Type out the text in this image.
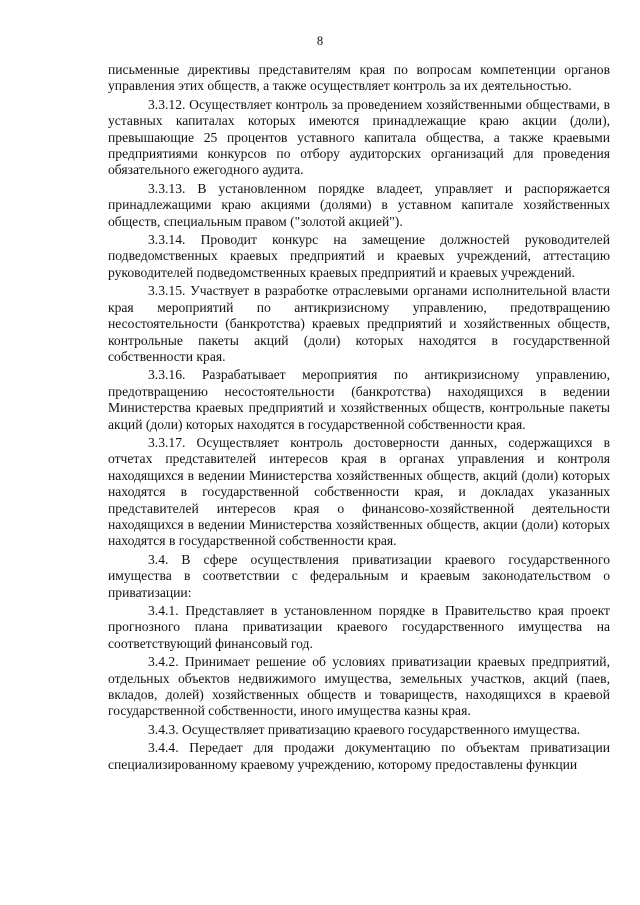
8

письменные директивы представителям края по вопросам компетенции органов управления этих обществ, а также осуществляет контроль за их деятельностью.

3.3.12. Осуществляет контроль за проведением хозяйственными обществами, в уставных капиталах которых имеются принадлежащие краю акции (доли), превышающие 25 процентов уставного капитала общества, а также краевыми предприятиями конкурсов по отбору аудиторских организаций для проведения обязательного ежегодного аудита.

3.3.13. В установленном порядке владеет, управляет и распоряжается принадлежащими краю акциями (долями) в уставном капитале хозяйственных обществ, специальным правом ("золотой акцией").

3.3.14. Проводит конкурс на замещение должностей руководителей подведомственных краевых предприятий и краевых учреждений, аттестацию руководителей подведомственных краевых предприятий и краевых учреждений.

3.3.15. Участвует в разработке отраслевыми органами исполнительной власти края мероприятий по антикризисному управлению, предотвращению несостоятельности (банкротства) краевых предприятий и хозяйственных обществ, контрольные пакеты акций (доли) которых находятся в государственной собственности края.

3.3.16. Разрабатывает мероприятия по антикризисному управлению, предотвращению несостоятельности (банкротства) находящихся в ведении Министерства краевых предприятий и хозяйственных обществ, контрольные пакеты акций (доли) которых находятся в государственной собственности края.

3.3.17. Осуществляет контроль достоверности данных, содержащихся в отчетах представителей интересов края в органах управления и контроля находящихся в ведении Министерства хозяйственных обществ, акций (доли) которых находятся в государственной собственности края, и докладах указанных представителей интересов края о финансово-хозяйственной деятельности находящихся в ведении Министерства хозяйственных обществ, акции (доли) которых находятся в государственной собственности края.

3.4. В сфере осуществления приватизации краевого государственного имущества в соответствии с федеральным и краевым законодательством о приватизации:

3.4.1. Представляет в установленном порядке в Правительство края проект прогнозного плана приватизации краевого государственного имущества на соответствующий финансовый год.

3.4.2. Принимает решение об условиях приватизации краевых предприятий, отдельных объектов недвижимого имущества, земельных участков, акций (паев, вкладов, долей) хозяйственных обществ и товариществ, находящихся в краевой государственной собственности, иного имущества казны края.

3.4.3. Осуществляет приватизацию краевого государственного имущества.

3.4.4. Передает для продажи документацию по объектам приватизации специализированному краевому учреждению, которому предоставлены функции
